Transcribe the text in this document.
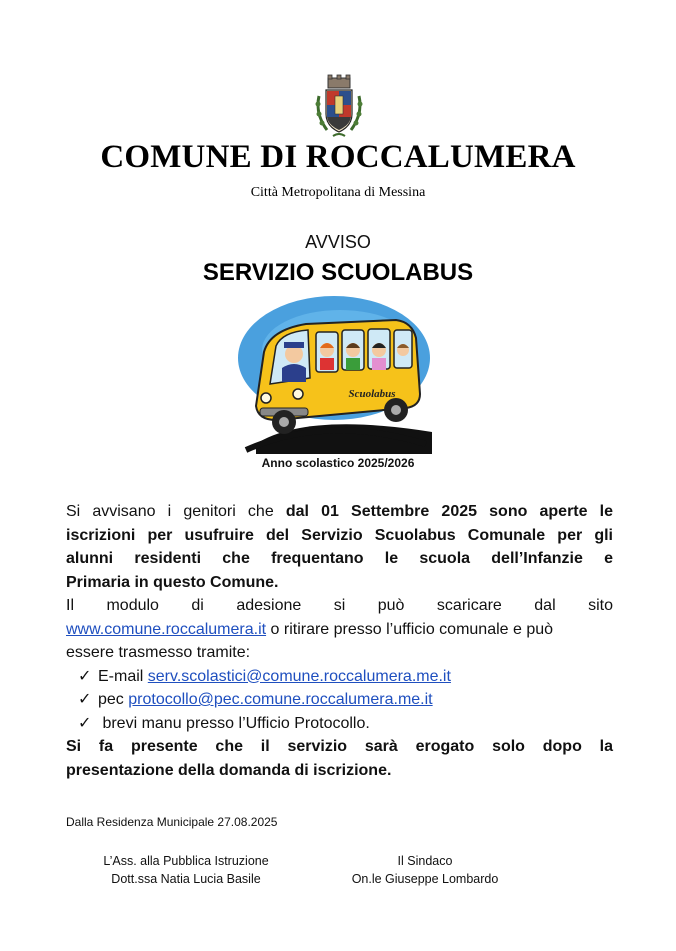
COMUNE DI ROCCALUMERA
Città Metropolitana di Messina
AVVISO
SERVIZIO SCUOLABUS
Scuolabus
Anno scolastico 2025/2026
Si avvisano i genitori che dal 01 Settembre 2025 sono aperte le
iscrizioni per usufruire del Servizio Scuolabus Comunale per gli
alunni residenti che frequentano le scuola dell’Infanzie e
Primaria in questo Comune.
Il modulo di adesione si può scaricare dal sito
www.comune.roccalumera.it o ritirare presso l’ufficio comunale e può
essere trasmesso tramite:
✓ E-mail serv.scolastici@comune.roccalumera.me.it
✓ pec protocollo@pec.comune.roccalumera.me.it
✓ brevi manu presso l’Ufficio Protocollo.
Si fa presente che il servizio sarà erogato solo dopo la
presentazione della domanda di iscrizione.
Dalla Residenza Municipale 27.08.2025
L’Ass. alla Pubblica Istruzione
Dott.ssa Natia Lucia Basile
Il Sindaco
On.le Giuseppe Lombardo
